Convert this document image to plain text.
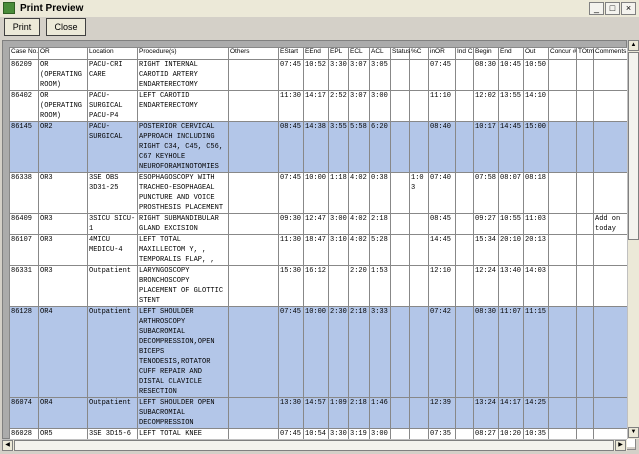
Print Preview	_	□	×
Print	Close
Case No.	OR	Location	Procedure(s)	Others	EStart	EEnd	EPL	ECL	ACL	Status	%C	inOR	Ind C	Begin	End	Out	Concur #	TOtm	Comments
86209	OR (OPERATING ROOM)	PACU-CRI CARE	RIGHT INTERNAL CAROTID ARTERY ENDARTERECTOMY		07:45	10:52	3:30	3:07	3:05			07:45		08:30	10:45	10:50			
86402	OR (OPERATING ROOM)	PACU-SURGICAL PACU-P4	LEFT CAROTID ENDARTERECTOMY		11:30	14:17	2:52	3:07	3:00			11:10		12:02	13:55	14:10			
86145	OR2	PACU-SURGICAL	POSTERIOR CERVICAL APPROACH INCLUDING RIGHT C34, C45, C56, C67 KEYHOLE NEUROFORAMINOTOMIES		08:45	14:38	3:55	5:58	6:20			08:40		10:17	14:45	15:00			
86338	OR3	3SE OBS 3D31-25	ESOPHAGOSCOPY WITH TRACHEO-ESOPHAGEAL PUNCTURE AND VOICE PROSTHESIS PLACEMENT		07:45	10:00	1:18	4:02	0:38		1:03	07:40		07:58	08:07	08:18			
86409	OR3	3SICU SICU-1	RIGHT SUBMANDIBULAR GLAND EXCISION		09:30	12:47	3:00	4:02	2:18			08:45		09:27	10:55	11:03			Add on today
86107	OR3	4MICU MEDICU-4	LEFT TOTAL MAXILLECTOM Y, , TEMPORALIS FLAP, ,		11:30	18:47	3:10	4:02	5:28			14:45		15:34	20:10	20:13			
86331	OR3	Outpatient	LARYNGOSCOPY BRONCHOSCOPY PLACEMENT OF GLOTTIC STENT		15:30	16:12		2:20	1:53			12:10		12:24	13:40	14:03			
86128	OR4	Outpatient	LEFT SHOULDER ARTHROSCOPY SUBACROMIAL DECOMPRESSION,OPEN BICEPS TENODESIS,ROTATOR CUFF REPAIR AND DISTAL CLAVICLE RESECTION		07:45	10:00	2:30	2:18	3:33			07:42		08:30	11:07	11:15			
86074	OR4	Outpatient	LEFT SHOULDER OPEN SUBACROMIAL DECOMPRESSION		13:30	14:57	1:09	2:18	1:46			12:39		13:24	14:17	14:25			
86028	OR5	3SE 3D15-6	LEFT TOTAL KNEE		07:45	10:54	3:30	3:19	3:00			07:35		08:27	10:20	10:35			
▲
▼
◀	▶
